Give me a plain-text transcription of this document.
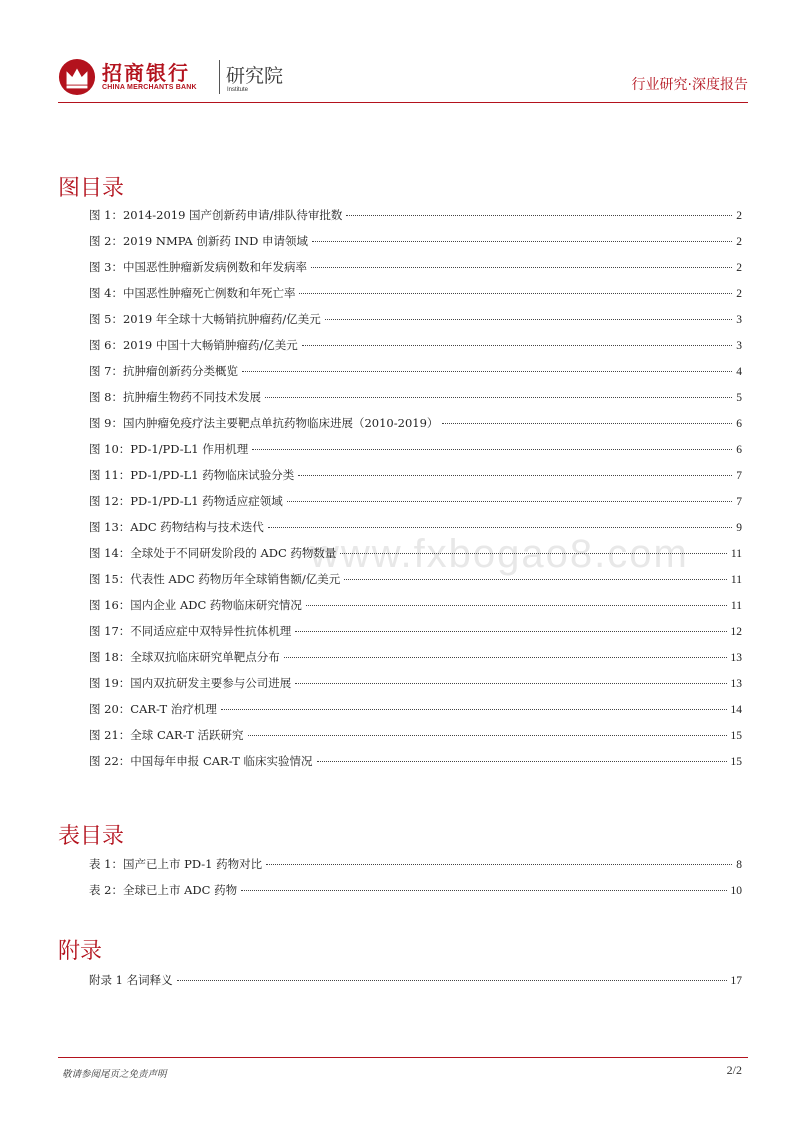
招商银行
CHINA MERCHANTS BANK
研究院
Institute	行业研究·深度报告
www.fxbogao8.com
图目录
图 1：2014-2019 国产创新药申请/排队待审批数	2
图 2：2019 NMPA 创新药 IND 申请领域	2
图 3：中国恶性肿瘤新发病例数和年发病率	2
图 4：中国恶性肿瘤死亡例数和年死亡率	2
图 5：2019 年全球十大畅销抗肿瘤药/亿美元	3
图 6：2019 中国十大畅销肿瘤药/亿美元	3
图 7：抗肿瘤创新药分类概览	4
图 8：抗肿瘤生物药不同技术发展	5
图 9：国内肿瘤免疫疗法主要靶点单抗药物临床进展（2010-2019）	6
图 10：PD-1/PD-L1 作用机理	6
图 11：PD-1/PD-L1 药物临床试验分类	7
图 12：PD-1/PD-L1 药物适应症领域	7
图 13：ADC 药物结构与技术迭代	9
图 14：全球处于不同研发阶段的 ADC 药物数量	11
图 15：代表性 ADC 药物历年全球销售额/亿美元	11
图 16：国内企业 ADC 药物临床研究情况	11
图 17：不同适应症中双特异性抗体机理	12
图 18：全球双抗临床研究单靶点分布	13
图 19：国内双抗研发主要参与公司进展	13
图 20：CAR-T 治疗机理	14
图 21：全球 CAR-T 活跃研究	15
图 22：中国每年申报 CAR-T 临床实验情况	15
表目录
表 1：国产已上市 PD-1 药物对比	8
表 2：全球已上市 ADC 药物	10
附录
附录 1 名词释义	17
敬请参阅尾页之免责声明	2/2
